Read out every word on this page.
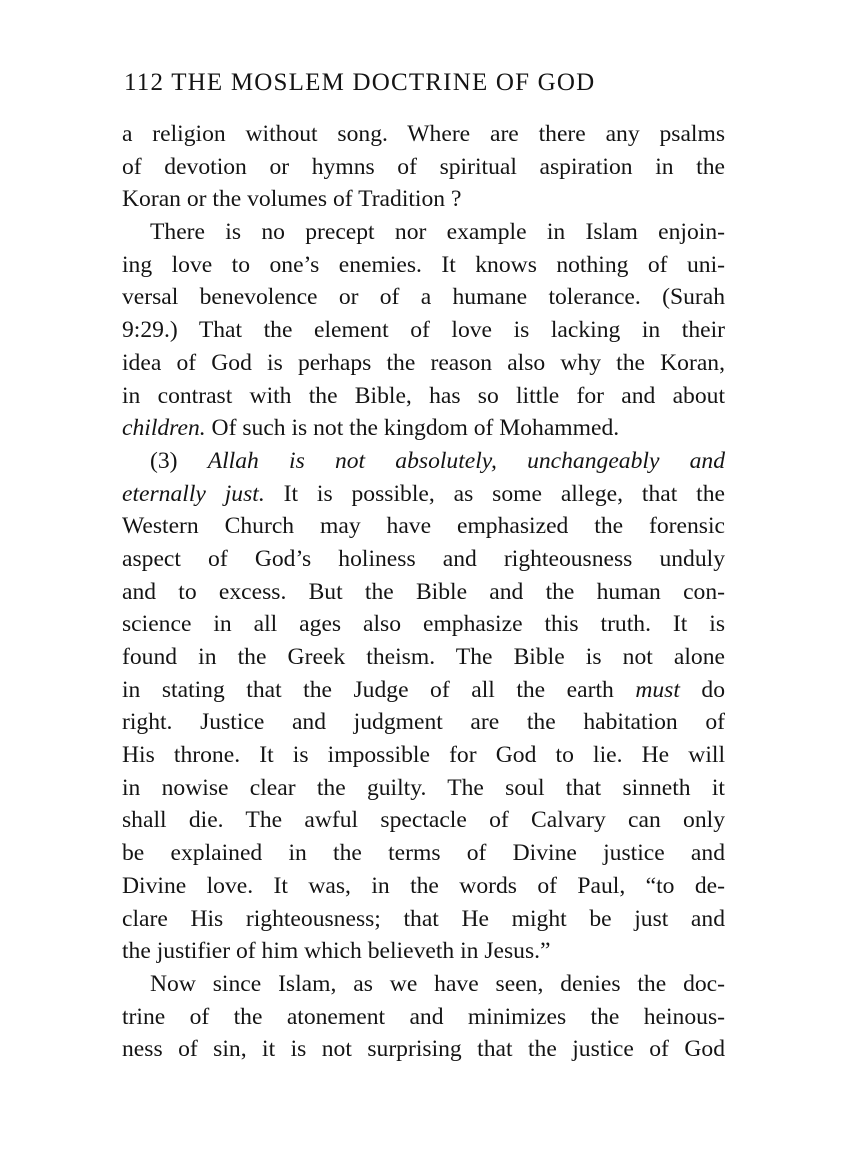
112 THE MOSLEM DOCTRINE OF GOD
a religion without song. Where are there any psalms
of devotion or hymns of spiritual aspiration in the
Koran or the volumes of Tradition ?
There is no precept nor example in Islam enjoin-
ing love to one’s enemies. It knows nothing of uni-
versal benevolence or of a humane tolerance. (Surah
9:29.) That the element of love is lacking in their
idea of God is perhaps the reason also why the Koran,
in contrast with the Bible, has so little for and about
children. Of such is not the kingdom of Mohammed.
(3) Allah is not absolutely, unchangeably and
eternally just. It is possible, as some allege, that the
Western Church may have emphasized the forensic
aspect of God’s holiness and righteousness unduly
and to excess. But the Bible and the human con-
science in all ages also emphasize this truth. It is
found in the Greek theism. The Bible is not alone
in stating that the Judge of all the earth must do
right. Justice and judgment are the habitation of
His throne. It is impossible for God to lie. He will
in nowise clear the guilty. The soul that sinneth it
shall die. The awful spectacle of Calvary can only
be explained in the terms of Divine justice and
Divine love. It was, in the words of Paul, “to de-
clare His righteousness; that He might be just and
the justifier of him which believeth in Jesus.”
Now since Islam, as we have seen, denies the doc-
trine of the atonement and minimizes the heinous-
ness of sin, it is not surprising that the justice of God
